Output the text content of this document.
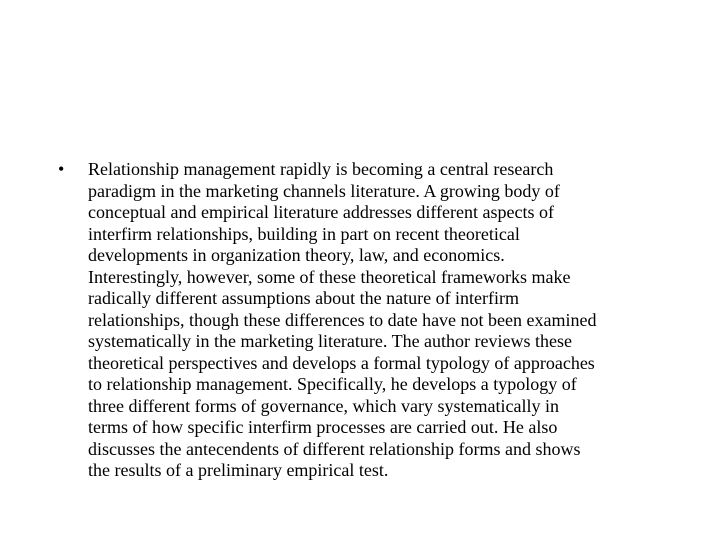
•	Relationship management rapidly is becoming a central research
paradigm in the marketing channels literature. A growing body of
conceptual and empirical literature addresses different aspects of
interfirm relationships, building in part on recent theoretical
developments in organization theory, law, and economics.
Interestingly, however, some of these theoretical frameworks make
radically different assumptions about the nature of interfirm
relationships, though these differences to date have not been examined
systematically in the marketing literature. The author reviews these
theoretical perspectives and develops a formal typology of approaches
to relationship management. Specifically, he develops a typology of
three different forms of governance, which vary systematically in
terms of how specific interfirm processes are carried out. He also
discusses the antecendents of different relationship forms and shows
the results of a preliminary empirical test.
